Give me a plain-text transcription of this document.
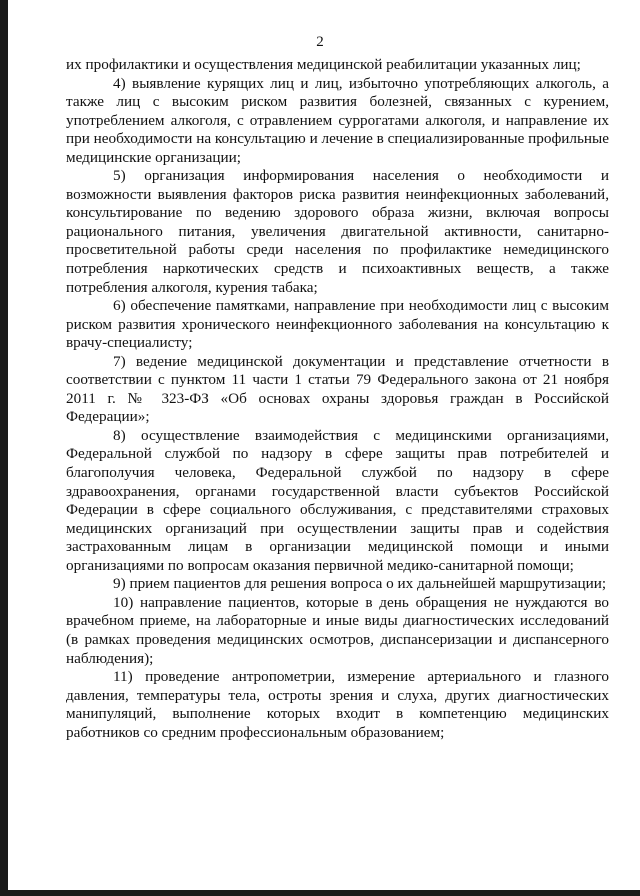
2

их профилактики и осуществления медицинской реабилитации указанных лиц;

4) выявление курящих лиц и лиц, избыточно употребляющих алкоголь, а также лиц с высоким риском развития болезней, связанных с курением, употреблением алкоголя, с отравлением суррогатами алкоголя, и направление их при необходимости на консультацию и лечение в специализированные профильные медицинские организации;

5) организация информирования населения о необходимости и возможности выявления факторов риска развития неинфекционных заболеваний, консультирование по ведению здорового образа жизни, включая вопросы рационального питания, увеличения двигательной активности, санитарно-просветительной работы среди населения по профилактике немедицинского потребления наркотических средств и психоактивных веществ, а также потребления алкоголя, курения табака;

6) обеспечение памятками, направление при необходимости лиц с высоким риском развития хронического неинфекционного заболевания на консультацию к врачу-специалисту;

7) ведение медицинской документации и представление отчетности в соответствии с пунктом 11 части 1 статьи 79 Федерального закона от 21 ноября 2011 г. № 323-ФЗ «Об основах охраны здоровья граждан в Российской Федерации»;

8) осуществление взаимодействия с медицинскими организациями, Федеральной службой по надзору в сфере защиты прав потребителей и благополучия человека, Федеральной службой по надзору в сфере здравоохранения, органами государственной власти субъектов Российской Федерации в сфере социального обслуживания, с представителями страховых медицинских организаций при осуществлении защиты прав и содействия застрахованным лицам в организации медицинской помощи и иными организациями по вопросам оказания первичной медико-санитарной помощи;

9) прием пациентов для решения вопроса о их дальнейшей маршрутизации;

10) направление пациентов, которые в день обращения не нуждаются во врачебном приеме, на лабораторные и иные виды диагностических исследований (в рамках проведения медицинских осмотров, диспансеризации и диспансерного наблюдения);

11) проведение антропометрии, измерение артериального и глазного давления, температуры тела, остроты зрения и слуха, других диагностических манипуляций, выполнение которых входит в компетенцию медицинских работников со средним профессиональным образованием;
